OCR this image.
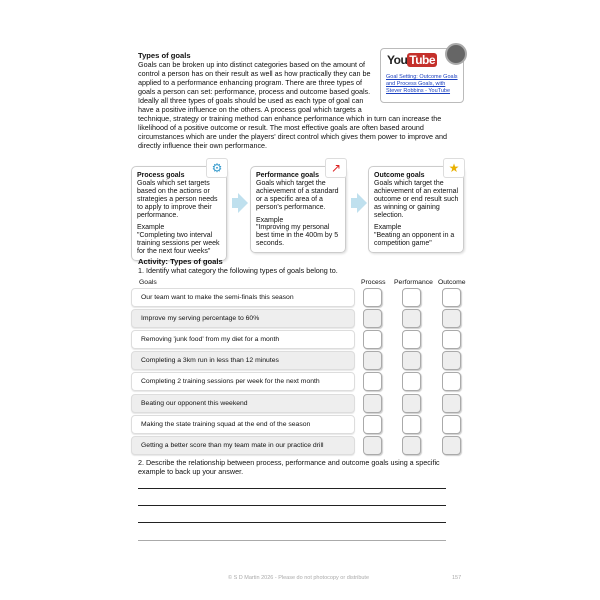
You Tube
Goal Setting: Outcome Goals and Process Goals, with Stever Robbins - YouTube
Types of goals
Goals can be broken up into distinct categories based on the amount of control a person has on their result as well as how practically they can be applied to a performance enhancing program. There are three types of goals a person can set: performance, process and outcome based goals. Ideally all three types of goals should be used as each type of goal can have a positive influence on the others. A process goal which targets a technique, strategy or training method can enhance performance which in turn can increase the likelihood of a positive outcome or result. The most effective goals are often based around circumstances which are under the players' direct control which gives them power to improve and directly influence their own performance.
⚙
Process goals
Goals which set targets based on the actions or strategies a person needs to apply to improve their performance.
Example
"Completing two interval training sessions per week for the next four weeks"
↗
Performance goals
Goals which target the achievement of a standard or a specific area of a person's performance.
Example
"Improving my personal best time in the 400m by 5 seconds.
★
Outcome goals
Goals which target the achievement of an external outcome or end result such as winning or gaining selection.
Example
"Beating an opponent in a competition game"
Activity: Types of goals
1. Identify what category the following types of goals belong to.
Goals	Process Performance Outcome
Our team want to make the semi-finals this season
Improve my serving percentage to 60%
Removing 'junk food' from my diet for a month
Completing a 3km run in less than 12 minutes
Completing 2 training sessions per week for the next month
Beating our opponent this weekend
Making the state training squad at the end of the season
Getting a better score than my team mate in our practice drill
2. Describe the relationship between process, performance and outcome goals using a specific
example to back up your answer.
© S D Martin 2026 - Please do not photocopy or distribute	157
